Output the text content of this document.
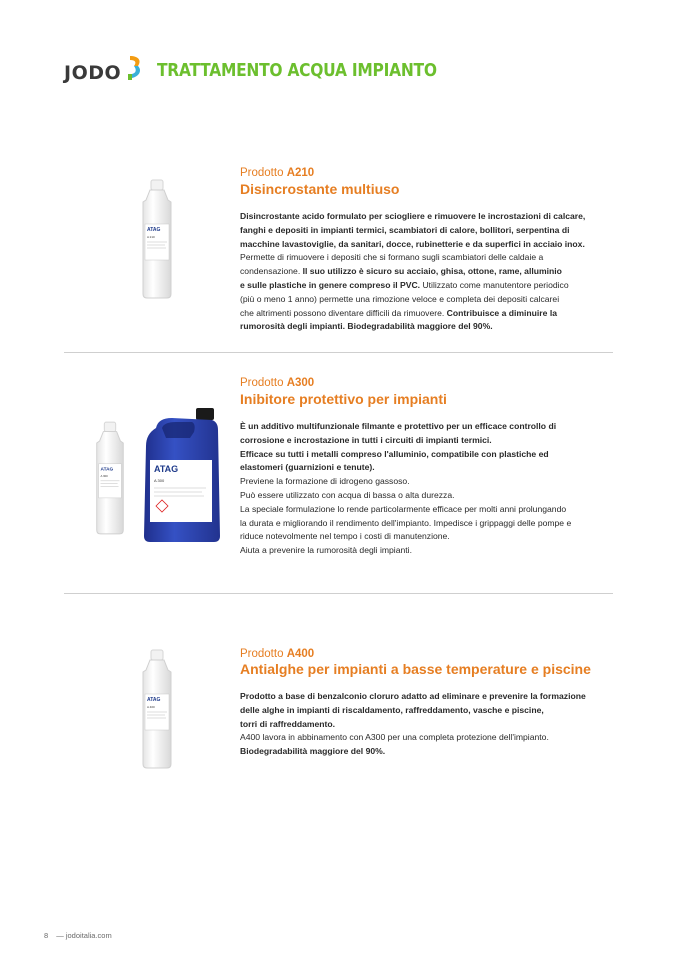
JODO TRATTAMENTO ACQUA IMPIANTO
ATAG
A 210
Prodotto A210
Disincrostante multiuso
Disincrostante acido formulato per sciogliere e rimuovere le incrostazioni di calcare,
fanghi e depositi in impianti termici, scambiatori di calore, bollitori, serpentina di
macchine lavastoviglie, da sanitari, docce, rubinetterie e da superfici in acciaio inox.
Permette di rimuovere i depositi che si formano sugli scambiatori delle caldaie a
condensazione. Il suo utilizzo è sicuro su acciaio, ghisa, ottone, rame, alluminio
e sulle plastiche in genere compreso il PVC. Utilizzato come manutentore periodico
(più o meno 1 anno) permette una rimozione veloce e completa dei depositi calcarei
che altrimenti possono diventare difficili da rimuovere. Contribuisce a diminuire la
rumorosità degli impianti. Biodegradabilità maggiore del 90%.
ATAG
A 300
ATAG
A 300
Prodotto A300
Inibitore protettivo per impianti
È un additivo multifunzionale filmante e protettivo per un efficace controllo di
corrosione e incrostazione in tutti i circuiti di impianti termici.
Efficace su tutti i metalli compreso l'alluminio, compatibile con plastiche ed
elastomeri (guarnizioni e tenute).
Previene la formazione di idrogeno gassoso.
Può essere utilizzato con acqua di bassa o alta durezza.
La speciale formulazione lo rende particolarmente efficace per molti anni prolungando
la durata e migliorando il rendimento dell'impianto. Impedisce i grippaggi delle pompe e
riduce notevolmente nel tempo i costi di manutenzione.
Aiuta a prevenire la rumorosità degli impianti.
ATAG
A 400
Prodotto A400
Antialghe per impianti a basse temperature e piscine
Prodotto a base di benzalconio cloruro adatto ad eliminare e prevenire la formazione
delle alghe in impianti di riscaldamento, raffreddamento, vasche e piscine,
torri di raffreddamento.
A400 lavora in abbinamento con A300 per una completa protezione dell'impianto.
Biodegradabilità maggiore del 90%.
8 — jodoitalia.com
